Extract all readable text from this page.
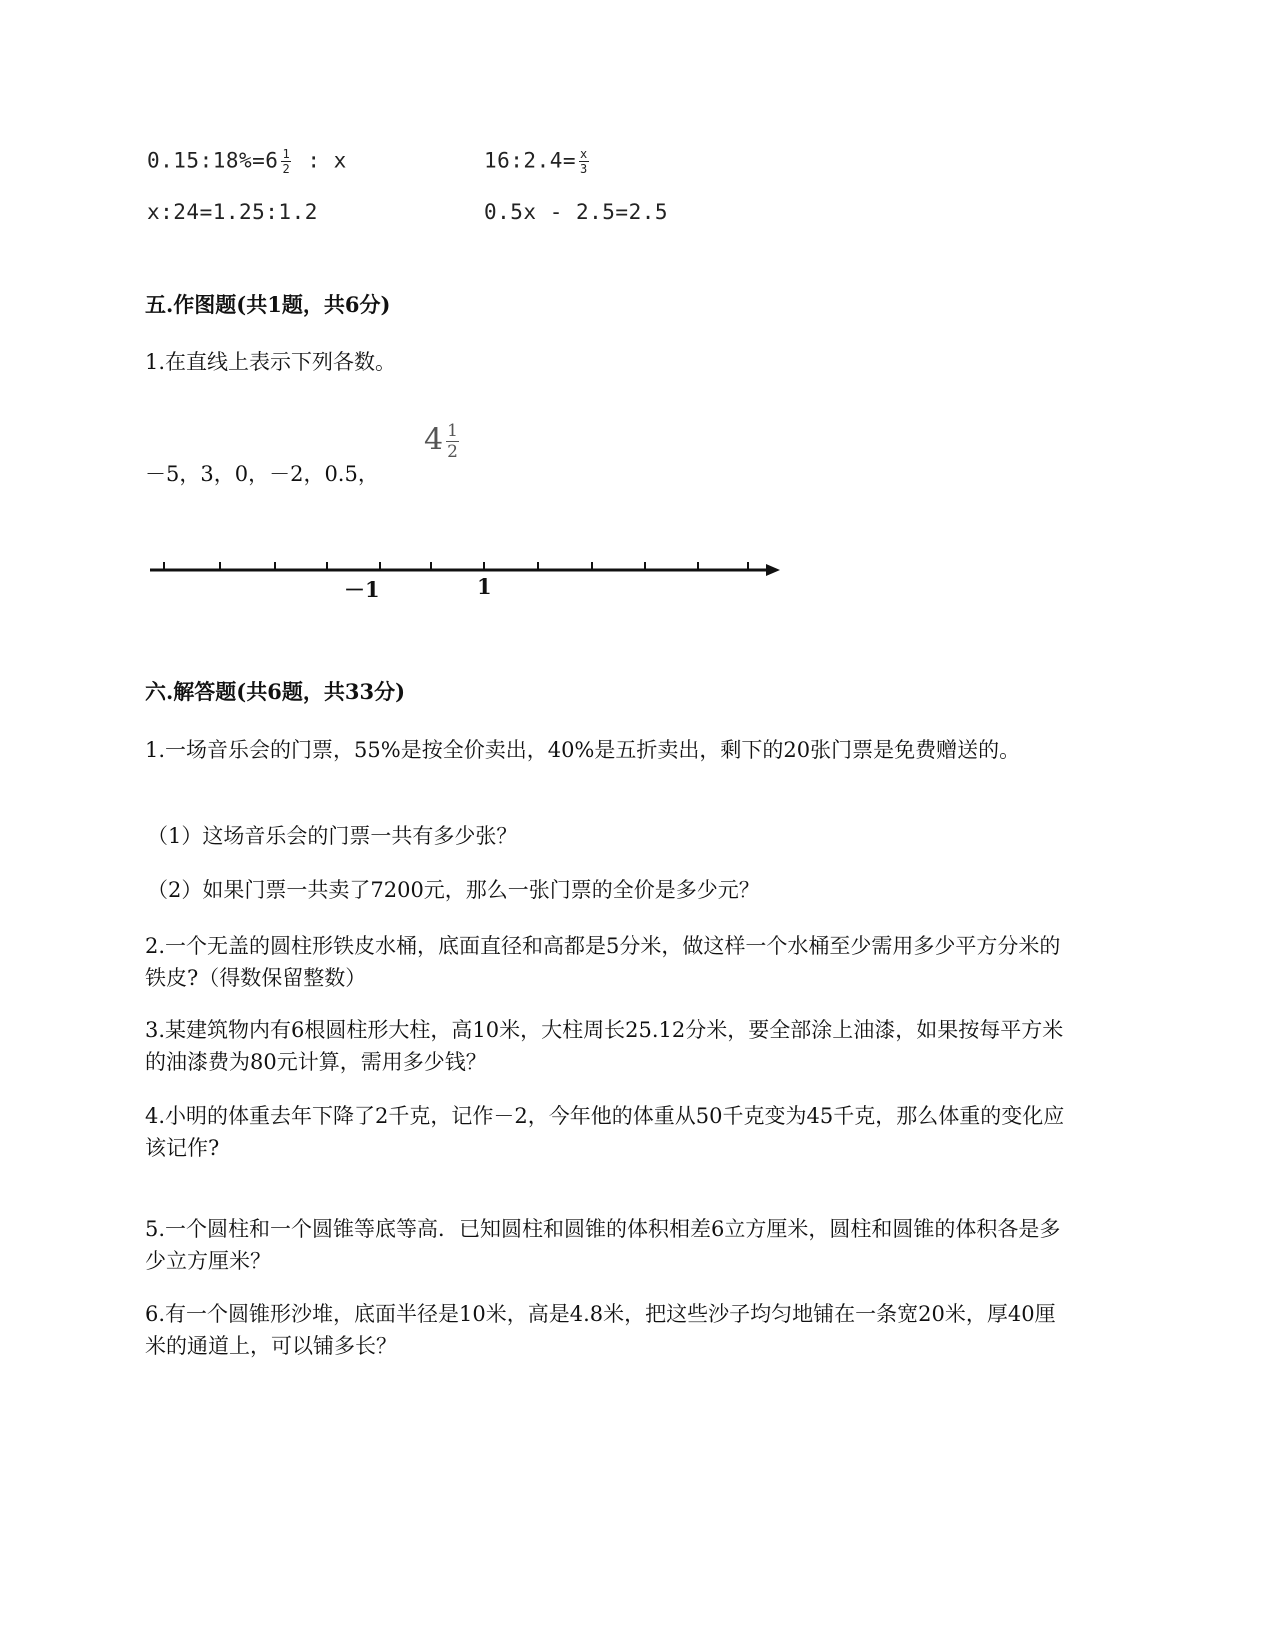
0.15:18%=6 $\frac{1}{2}$ : x	16:2.4= $\frac{x}{3}$
x:24=1.25:1.2	0.5x - 2.5=2.5
五.作图题(共1题，共6分)
1.在直线上表示下列各数。
$4 \frac{1}{2}$
－5，3，0，－2，0.5，
－1	1
六.解答题(共6题，共33分)
1.一场音乐会的门票，55%是按全价卖出，40%是五折卖出，剩下的20张门票是免费赠送的。
（1）这场音乐会的门票一共有多少张？
（2）如果门票一共卖了7200元，那么一张门票的全价是多少元？
2.一个无盖的圆柱形铁皮水桶，底面直径和高都是5分米，做这样一个水桶至少需用多少平方分米的铁皮?（得数保留整数）
3.某建筑物内有6根圆柱形大柱，高10米，大柱周长25.12分米，要全部涂上油漆，如果按每平方米的油漆费为80元计算，需用多少钱？
4.小明的体重去年下降了2千克，记作－2，今年他的体重从50千克变为45千克，那么体重的变化应该记作?
5.一个圆柱和一个圆锥等底等高．已知圆柱和圆锥的体积相差6立方厘米，圆柱和圆锥的体积各是多少立方厘米？
6.有一个圆锥形沙堆，底面半径是10米，高是4.8米，把这些沙子均匀地铺在一条宽20米，厚40厘米的通道上，可以铺多长？
